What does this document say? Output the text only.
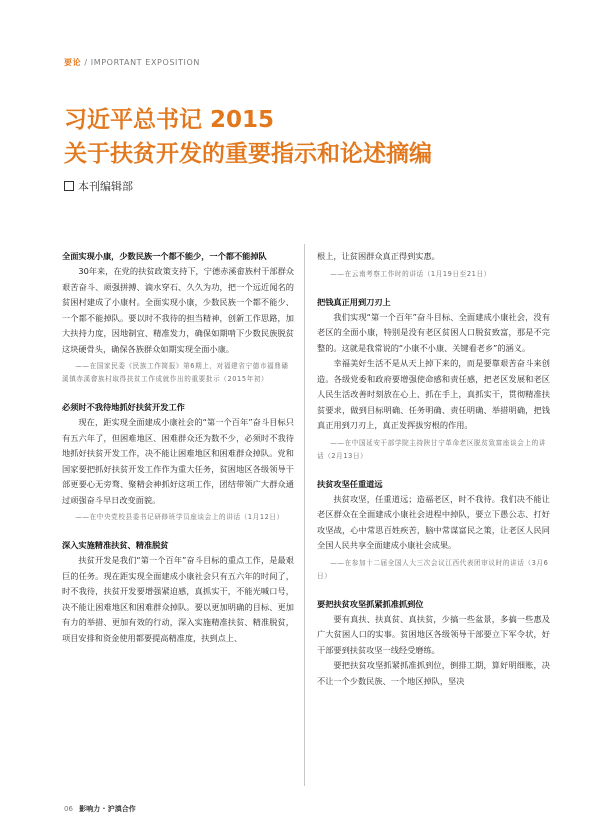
要论 / IMPORTANT EXPOSITION
习近平总书记 2015
关于扶贫开发的重要指示和论述摘编
本刊编辑部

全面实现小康，少数民族一个都不能少，一个都不能掉队

30年来，在党的扶贫政策支持下，宁德赤溪畲族村干部群众艰苦奋斗、顽强拼搏、滴水穿石、久久为功，把一个远近闻名的贫困村建成了小康村。全面实现小康，少数民族一个都不能少、一个都不能掉队。要以时不我待的担当精神，创新工作思路，加大扶持力度，因地制宜、精准发力，确保如期啃下少数民族脱贫这块硬骨头，确保各族群众如期实现全面小康。

——在国家民委《民族工作简报》第6期上，对福建省宁德市福鼎磻溪镇赤溪畲族村取得扶贫工作成就作出的重要批示（2015年初）

必须时不我待地抓好扶贫开发工作

现在，距实现全面建成小康社会的“第一个百年”奋斗目标只有五六年了，但困难地区、困难群众还为数不少，必须时不我待地抓好扶贫开发工作，决不能让困难地区和困难群众掉队。党和国家要把抓好扶贫开发工作作为重大任务，贫困地区各级领导干部更要心无旁骛、聚精会神抓好这项工作，团结带领广大群众通过顽强奋斗早日改变面貌。

——在中央党校县委书记研修班学员座谈会上的讲话（1月12日）

深入实施精准扶贫、精准脱贫

扶贫开发是我们“第一个百年”奋斗目标的重点工作，是最艰巨的任务。现在距实现全面建成小康社会只有五六年的时间了，时不我待，扶贫开发要增强紧迫感，真抓实干，不能光喊口号，决不能让困难地区和困难群众掉队。要以更加明确的目标、更加有力的举措、更加有效的行动，深入实施精准扶贫、精准脱贫，项目安排和资金使用都要提高精准度，扶到点上、

根上，让贫困群众真正得到实惠。

——在云南考察工作时的讲话（1月19日至21日）

把钱真正用到刀刃上

我们实现“第一个百年”奋斗目标、全面建成小康社会，没有老区的全面小康，特别是没有老区贫困人口脱贫致富，那是不完整的。这就是我常说的“小康不小康、关键看老乡”的涵义。

幸福美好生活不是从天上掉下来的，而是要靠艰苦奋斗来创造。各级党委和政府要增强使命感和责任感，把老区发展和老区人民生活改善时刻放在心上、抓在手上，真抓实干，贯彻精准扶贫要求，做到目标明确、任务明确、责任明确、举措明确，把钱真正用到刀刃上，真正发挥拔穷根的作用。

——在中国延安干部学院主持陕甘宁革命老区脱贫致富座谈会上的讲话（2月13日）

扶贫攻坚任重道远

扶贫攻坚，任重道远；造福老区，时不我待。我们决不能让老区群众在全面建成小康社会进程中掉队，要立下愚公志、打好攻坚战，心中常思百姓疾苦，脑中常谋富民之策，让老区人民同全国人民共享全面建成小康社会成果。

——在参加十二届全国人大三次会议江西代表团审议时的讲话（3月6日）

要把扶贫攻坚抓紧抓准抓到位

要有真扶、扶真贫、真扶贫，少搞一些盆景，多搞一些惠及广大贫困人口的实事。贫困地区各级领导干部要立下军令状，好干部要到扶贫攻坚一线经受磨练。

要把扶贫攻坚抓紧抓准抓到位，倒排工期，算好明细账，决不让一个少数民族、一个地区掉队，坚决

06 影响力 · 沪滇合作
